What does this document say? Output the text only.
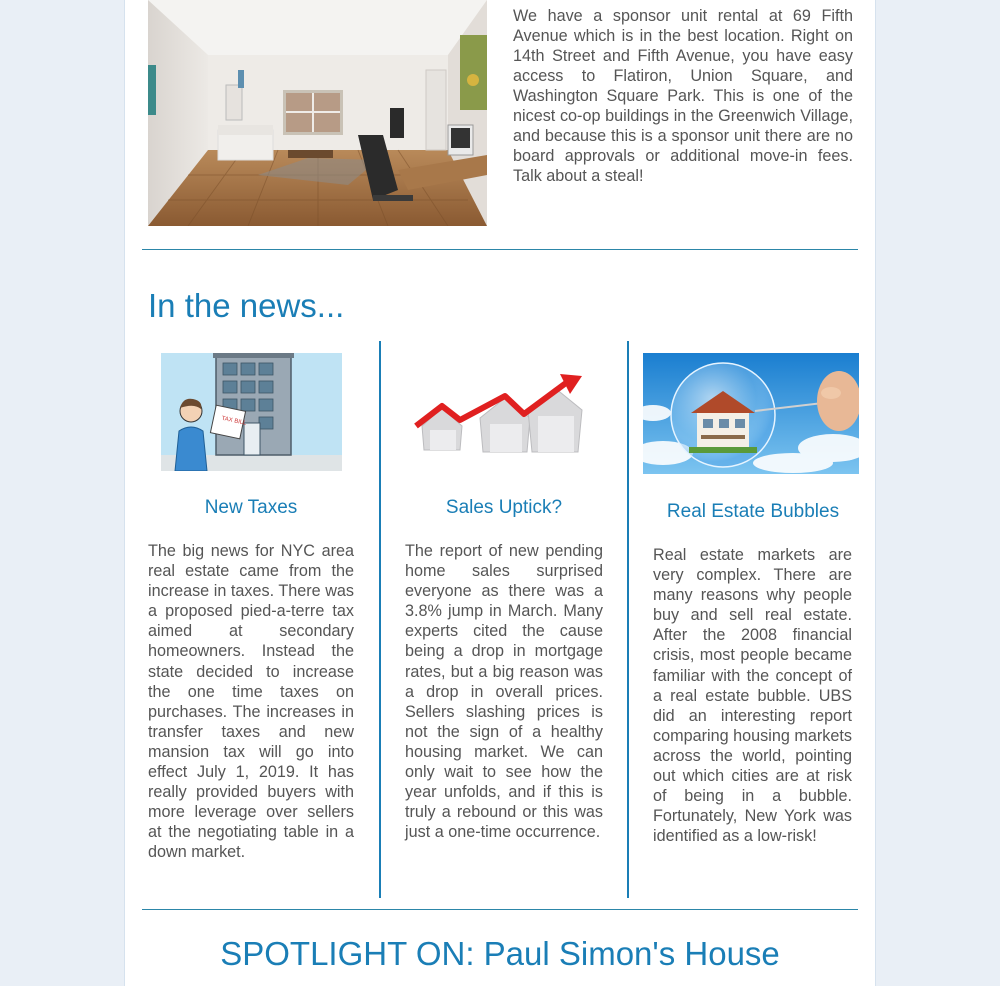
We have a sponsor unit rental at 69 Fifth Avenue which is in the best location. Right on 14th Street and Fifth Avenue, you have easy access to Flatiron, Union Square, and Washington Square Park. This is one of the nicest co-op buildings in the Greenwich Village, and because this is a sponsor unit there are no board approvals or additional move-in fees. Talk about a steal!
In the news...
TAX BILL
New Taxes
The big news for NYC area real estate came from the increase in taxes. There was a proposed pied-a-terre tax aimed at secondary homeowners. Instead the state decided to increase the one time taxes on purchases. The increases in transfer taxes and new mansion tax will go into effect July 1, 2019. It has really provided buyers with more leverage over sellers at the negotiating table in a down market.
Sales Uptick?
The report of new pending home sales surprised everyone as there was a 3.8% jump in March. Many experts cited the cause being a drop in mortgage rates, but a big reason was a drop in overall prices. Sellers slashing prices is not the sign of a healthy housing market. We can only wait to see how the year unfolds, and if this is truly a rebound or this was just a one-time occurrence.
Real Estate Bubbles
Real estate markets are very complex. There are many reasons why people buy and sell real estate. After the 2008 financial crisis, most people became familiar with the concept of a real estate bubble. UBS did an interesting report comparing housing markets across the world, pointing out which cities are at risk of being in a bubble. Fortunately, New York was identified as a low-risk!
SPOTLIGHT ON: Paul Simon's House
